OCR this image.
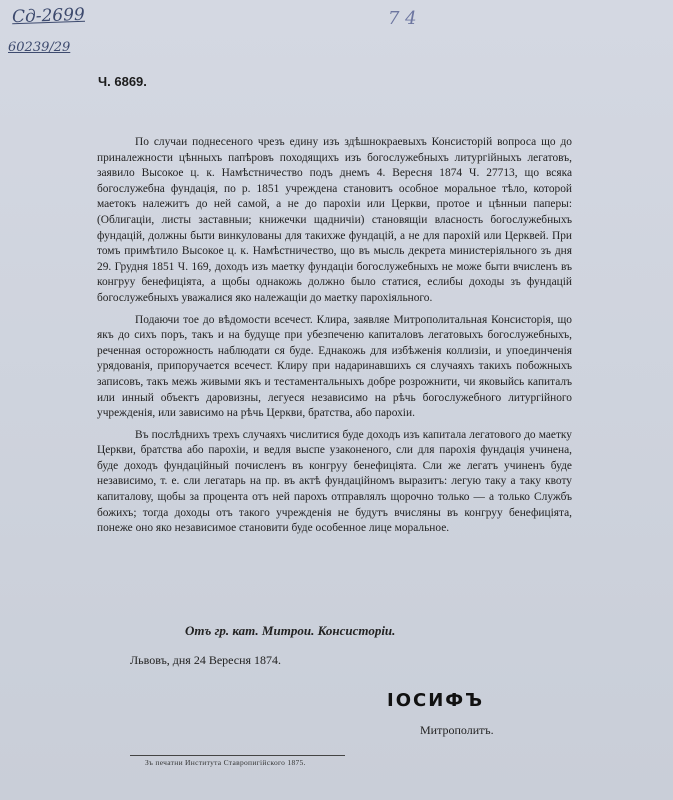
Сд-2699
60239/29
7 4
Ч. 6869.

По случаи поднесеного чрезъ едину изъ здѣшнокраевыхъ Консисторій вопроса що до приналежности цѣнныхъ папѣровъ походящихъ изъ богослужебныхъ литургійныхъ легатовъ, заявило Высокое ц. к. Намѣстничество подъ днемъ 4. Вересня 1874 Ч. 27713, що всяка богослужебна фундація, по р. 1851 учреждена становитъ особное моральное тѣло, которой маетокъ належитъ до ней самой, а не до парохіи или Церкви, протое и цѣнныи паперы: (Облигаціи, листы заставныи; книжечки щадничіи) становящіи власность богослужебныхъ фундацій, должны быти винкулованы для такихже фундацій, а не для парохій или Церквей. При томъ примѣтило Высокое ц. к. Намѣстничество, що въ мысль декрета министеріяльного зъ дня 29. Грудня 1851 Ч. 169, доходъ изъ маетку фундаціи богослужебныхъ не може быти вчисленъ въ конгруу бенефиціята, а щобы однакожь должно было статися, еслибы доходы зъ фундацій богослужебныхъ уважалися яко належащіи до маетку парохіяльного.

Подаючи тое до вѣдомости всечест. Клира, заявляе Митрополитальная Консисторія, що якъ до сихъ поръ, такъ и на будуще при убезпеченю капиталовъ легатовыхъ богослужебныхъ, реченная осторожность наблюдати ся буде. Еднакожь для избѣженія коллизіи, и упоединченія урядованія, припоручается всечест. Клиру при надаринавшихъ ся случаяхъ такихъ побожныхъ записовъ, такъ межь живыми якъ и тестаментальныхъ добре розрожнити, чи яковыйсь капиталъ или инный объектъ даровизны, легуеся независимо на рѣчь богослужебного литургійного учрежденія, или зависимо на рѣчь Церкви, братства, або парохіи.

Въ послѣднихъ трехъ случаяхъ числитися буде доходъ изъ капитала легатового до маетку Церкви, братства або парохіи, и ведля выспе узаконеного, сли для парохія фундація учинена, буде доходъ фундаційный почисленъ въ конгруу бенефиціята. Сли же легатъ учиненъ буде независимо, т. е. сли легатарь на пр. въ актѣ фундаційномъ выразитъ: легую таку а таку квоту капиталову, щобы за процента отъ ней парохъ отправлялъ щорочно только — а только Службъ божихъ; тогда доходы отъ такого учрежденія не будутъ вчисляны въ конгруу бенефиціята, понеже оно яко независимое становити буде особенное лице моральное.

Отъ гр. кат. Митрои. Консисторіи.
Львовъ, дня 24 Вересня 1874.
ІОСИФЪ
Митрополитъ.
Зъ печатни Института Ставропигійского 1875.
